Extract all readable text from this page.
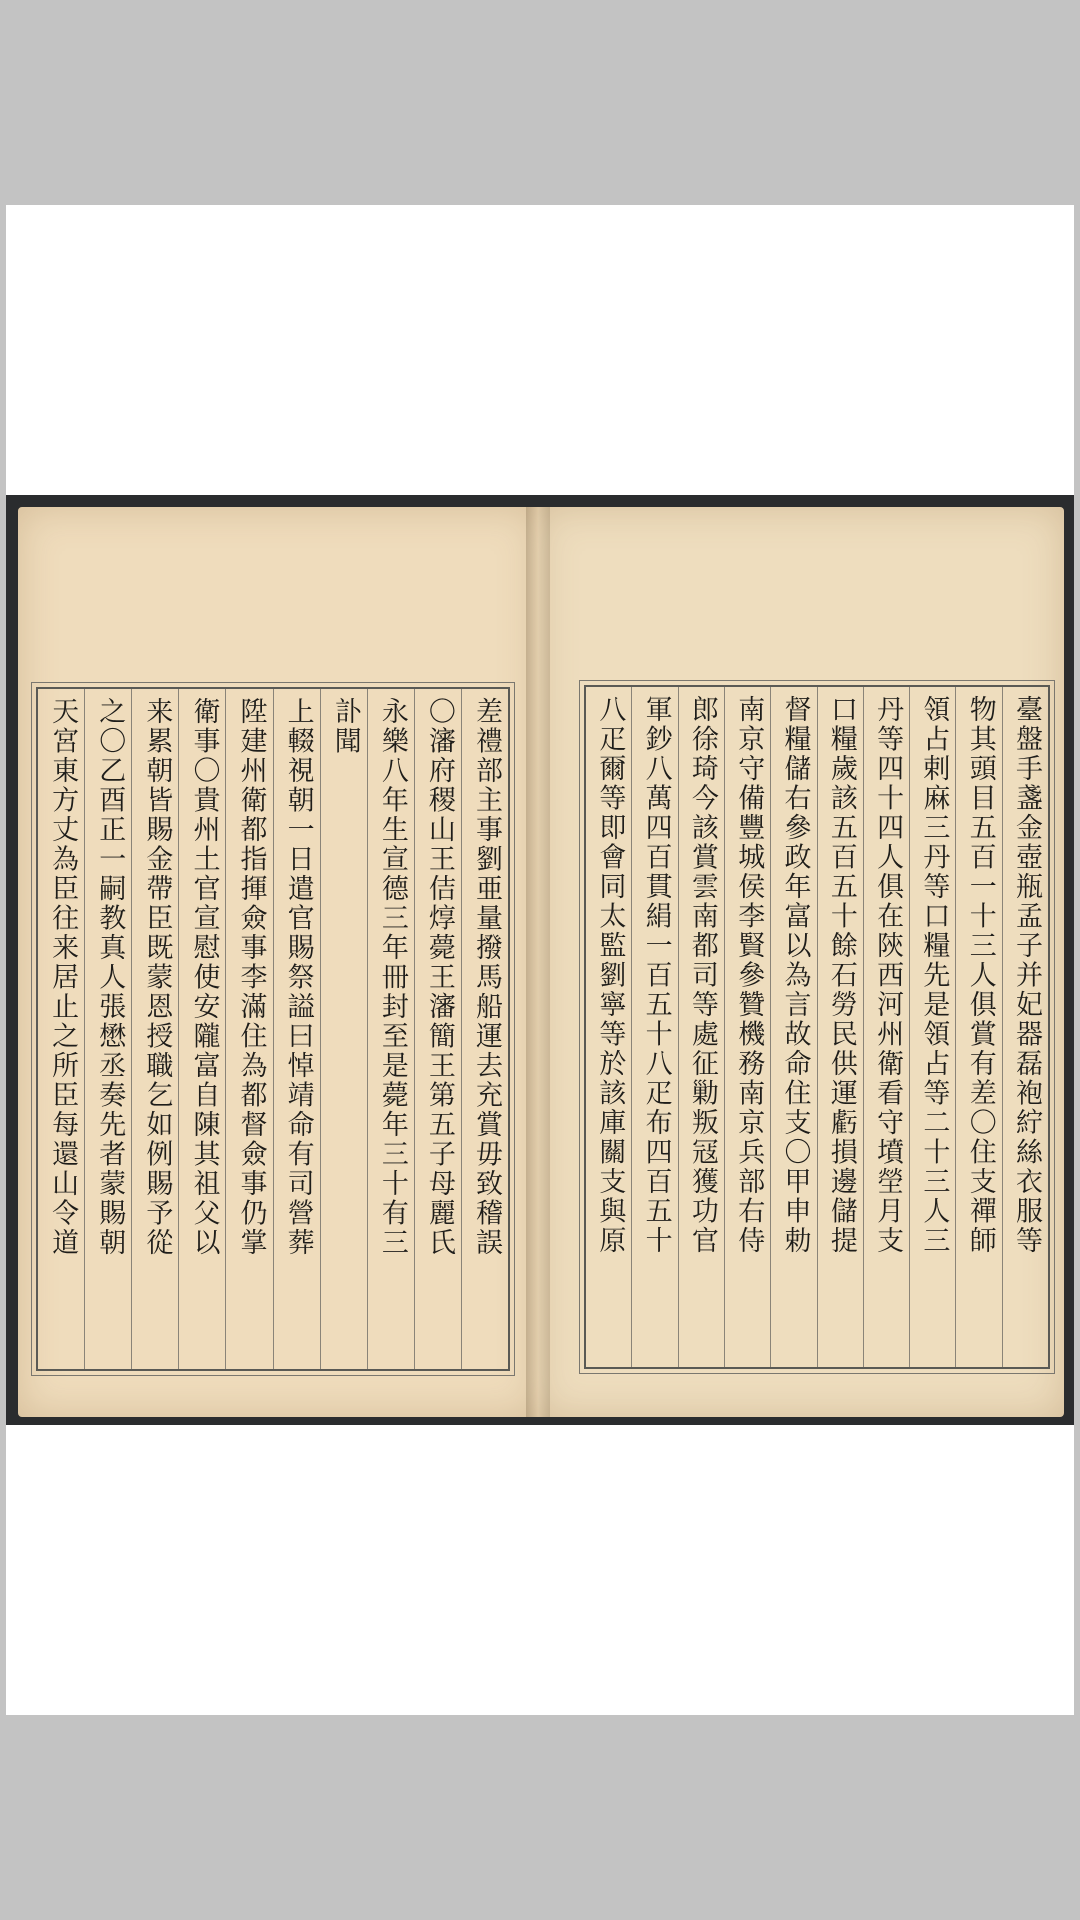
差禮部主事劉亜量撥馬船運去充賞毋致稽誤
〇瀋府稷山王佶焞薨王瀋簡王第五子母麗氏
永樂八年生宣德三年冊封至是薨年三十有三
訃聞
上輟視朝一日遣官賜祭謚曰悼靖命有司營葬
陞建州衛都指揮僉事李滿住為都督僉事仍掌
衛事〇貴州土官宣慰使安隴富自陳其祖父以
来累朝皆賜金帶臣既蒙恩授職乞如例賜予從
之〇乙酉正一嗣教真人張懋丞奏先者蒙賜朝
天宮東方丈為臣往来居止之所臣每還山令道	臺盤手盞金壺瓶孟子并妃器磊袍紵絲衣服等
物其頭目五百一十三人俱賞有差〇住支禪師
領占剌麻三丹等口糧先是領占等二十三人三
丹等四十四人俱在陝西河州衛看守墳塋月支
口糧歲該五百五十餘石勞民供運虧損邊儲提
督糧儲右參政年富以為言故命住支〇甲申勅
南京守備豐城侯李賢參贊機務南京兵部右侍
郎徐琦今該賞雲南都司等處征勦叛冦獲功官
軍鈔八萬四百貫絹一百五十八疋布四百五十
八疋爾等即會同太監劉寧等於該庫關支與原
